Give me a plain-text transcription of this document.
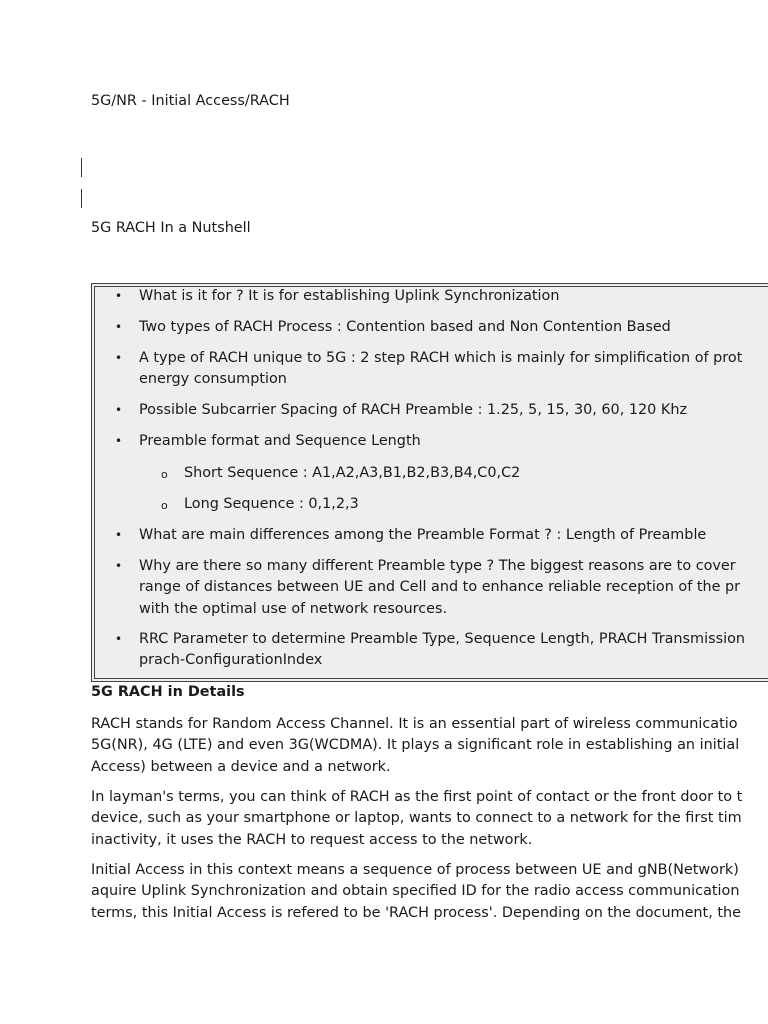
5G/NR - Initial Access/RACH
5G RACH In a Nutshell
• What is it for ? It is for establishing Uplink Synchronization
• Two types of RACH Process : Contention based and Non Contention Based
• A type of RACH unique to 5G : 2 step RACH which is mainly for simplification of prot
energy consumption
• Possible Subcarrier Spacing of RACH Preamble : 1.25, 5, 15, 30, 60, 120 Khz
• Preamble format and Sequence Length
o Short Sequence : A1,A2,A3,B1,B2,B3,B4,C0,C2
o Long Sequence : 0,1,2,3
• What are main differences among the Preamble Format ? : Length of Preamble
• Why are there so many different Preamble type ? The biggest reasons are to cover
range of distances between UE and Cell and to enhance reliable reception of the pr
with the optimal use of network resources.
• RRC Parameter to determine Preamble Type, Sequence Length, PRACH Transmission
prach-ConfigurationIndex
5G RACH in Details

RACH stands for Random Access Channel. It is an essential part of wireless communicatio
5G(NR), 4G (LTE) and even 3G(WCDMA). It plays a significant role in establishing an initial
Access) between a device and a network.

In layman's terms, you can think of RACH as the first point of contact or the front door to t
device, such as your smartphone or laptop, wants to connect to a network for the first tim
inactivity, it uses the RACH to request access to the network.

Initial Access in this context means a sequence of process between UE and gNB(Network)
aquire Uplink Synchronization and obtain specified ID for the radio access communication
terms, this Initial Access is refered to be 'RACH process'. Depending on the document, the
